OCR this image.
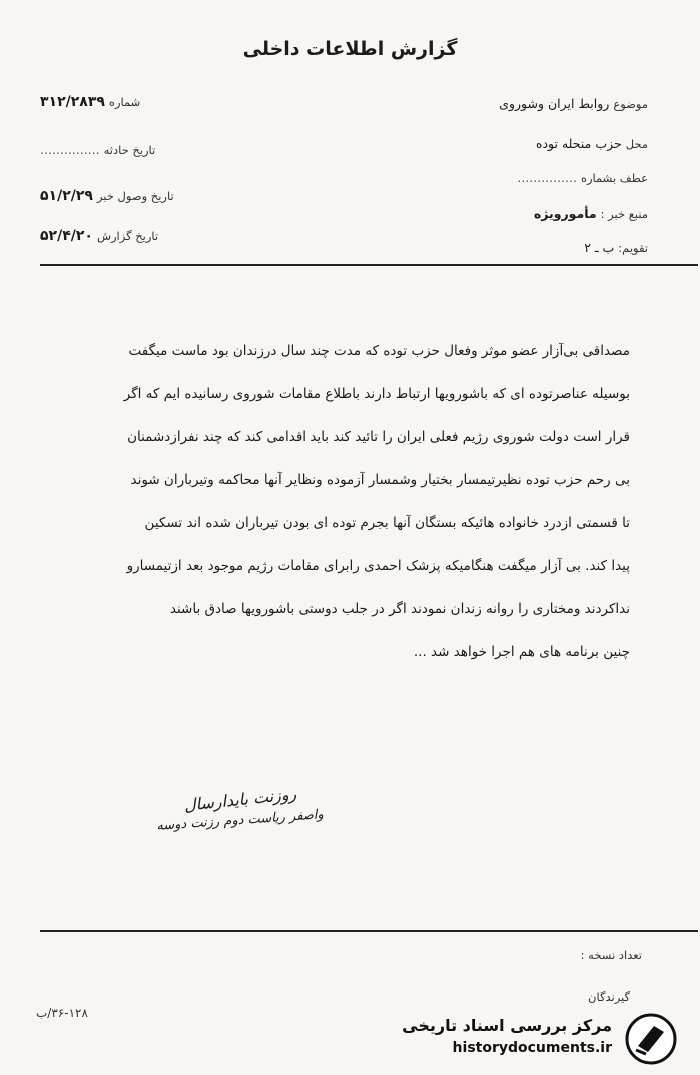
گزارش اطلاعات داخلی
موضوع روابط ایران وشوروی
محل حزب منحله توده
عطف بشماره ...............
منبع خبر : مأمورویژه
تقویم: ب ـ ۲
شماره ۳۱۲/۲۸۳۹
تاریخ حادثه ...............
تاریخ وصول خبر ۵۱/۲/۲۹
تاریخ گزارش ۵۲/۴/۲۰

مصداقی بی‌آزار عضو موثر وفعال حزب توده که مدت چند سال درزندان بود ماست میگفت

بوسیله عناصرتوده ای که باشورویها ارتباط دارند باطلاع مقامات شوروی رسانیده ایم که اگر

قرار است دولت شوروی رژیم فعلی ایران را تائید کند باید اقدامی کند که چند نفرازدشمنان

بی رحم حزب توده نظیرتیمسار بختیار وشمسار آزموده ونظایر آنها محاکمه وتیرباران شوند

تا قسمتی ازدرد خانواده هائیکه بستگان آنها بجرم توده ای بودن تیرباران شده اند تسکین

پیدا کند. بی آزار میگفت هنگامیکه پزشک احمدی رابرای مقامات رژیم موجود بعد ازتیمسارو

نداکردند ومختاری را روانه زندان نمودند اگر در جلب دوستی باشورویها صادق باشند

چنین برنامه های هم اجرا خواهد شد ...

روزنت بایدارسال
واصفر ریاست دوم رزنت دوسه
تعداد نسخه :
گیرندگان
۳۶-۱۲۸/ب
مرکز بررسی اسناد تاریخی
historydocuments.ir
